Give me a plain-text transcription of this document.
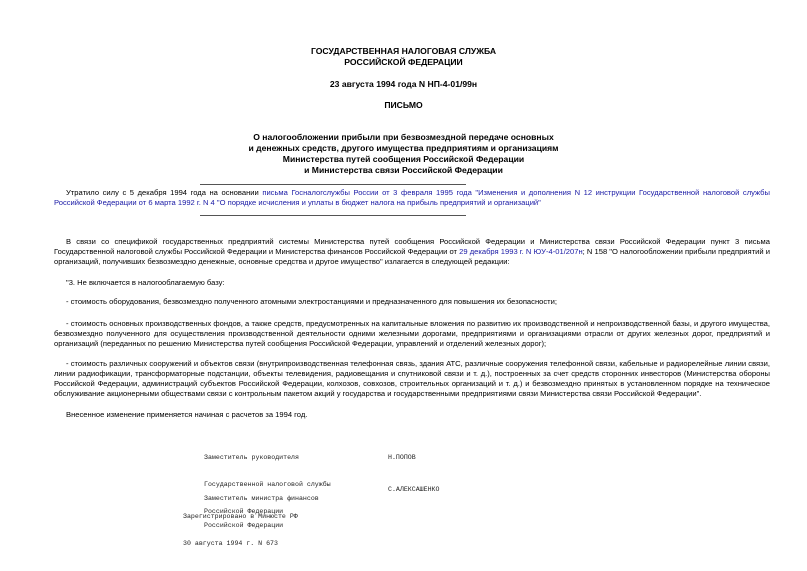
ГОСУДАРСТВЕННАЯ НАЛОГОВАЯ СЛУЖБА
РОССИЙСКОЙ ФЕДЕРАЦИИ
23 августа 1994 года N НП-4-01/99н
ПИСЬМО
О налогообложении прибыли при безвозмездной передаче основных
и денежных средств, другого имущества предприятиям и организациям
Министерства путей сообщения Российской Федерации
и Министерства связи Российской Федерации
Утратило силу с 5 декабря 1994 года на основании письма Госналогслужбы России от 3 февраля 1995 года "Изменения и дополнения N 12 инструкции Государственной налоговой службы Российской Федерации от 6 марта 1992 г. N 4 "О порядке исчисления и уплаты в бюджет налога на прибыль предприятий и организаций"
В связи со спецификой государственных предприятий системы Министерства путей сообщения Российской Федерации и Министерства связи Российской Федерации пункт 3 письма Государственной налоговой службы Российской Федерации и Министерства финансов Российской Федерации от 29 декабря 1993 г. N ЮУ-4-01/207н; N 158 "О налогообложении прибыли предприятий и организаций, получивших безвозмездно денежные, основные средства и другое имущество" излагается в следующей редакции:
"3. Не включается в налогооблагаемую базу:
- стоимость оборудования, безвозмездно полученного атомными электростанциями и предназначенного для повышения их безопасности;
- стоимость основных производственных фондов, а также средств, предусмотренных на капитальные вложения по развитию их производственной и непроизводственной базы, и другого имущества, безвозмездно полученного для осуществления производственной деятельности одними железными дорогами, предприятиями и организациями отрасли от других железных дорог, предприятий и организаций (переданных по решению Министерства путей сообщения Российской Федерации, управлений и отделений железных дорог);
- стоимость различных сооружений и объектов связи (внутрипроизводственная телефонная связь, здания АТС, различные сооружения телефонной связи, кабельные и радиорелейные линии связи, линии радиофикации, трансформаторные подстанции, объекты телевидения, радиовещания и спутниковой связи и т. д.), построенных за счет средств сторонних инвесторов (Министерства обороны Российской Федерации, администраций субъектов Российской Федерации, колхозов, совхозов, строительных организаций и т. д.) и безвозмездно принятых в установленном порядке на техническое обслуживание акционерными обществами связи с контрольным пакетом акций у государства и государственными предприятиями связи Министерства связи Российской Федерации".
Внесенное изменение применяется начиная с расчетов за 1994 год.

Заместитель руководителя

Государственной налоговой службы

Российской Федерации

Н.ПОПОВ

Заместитель министра финансов

Российской Федерации

С.АЛЕКСАШЕНКО

Зарегистрировано в Минюсте РФ

30 августа 1994 г. N 673
